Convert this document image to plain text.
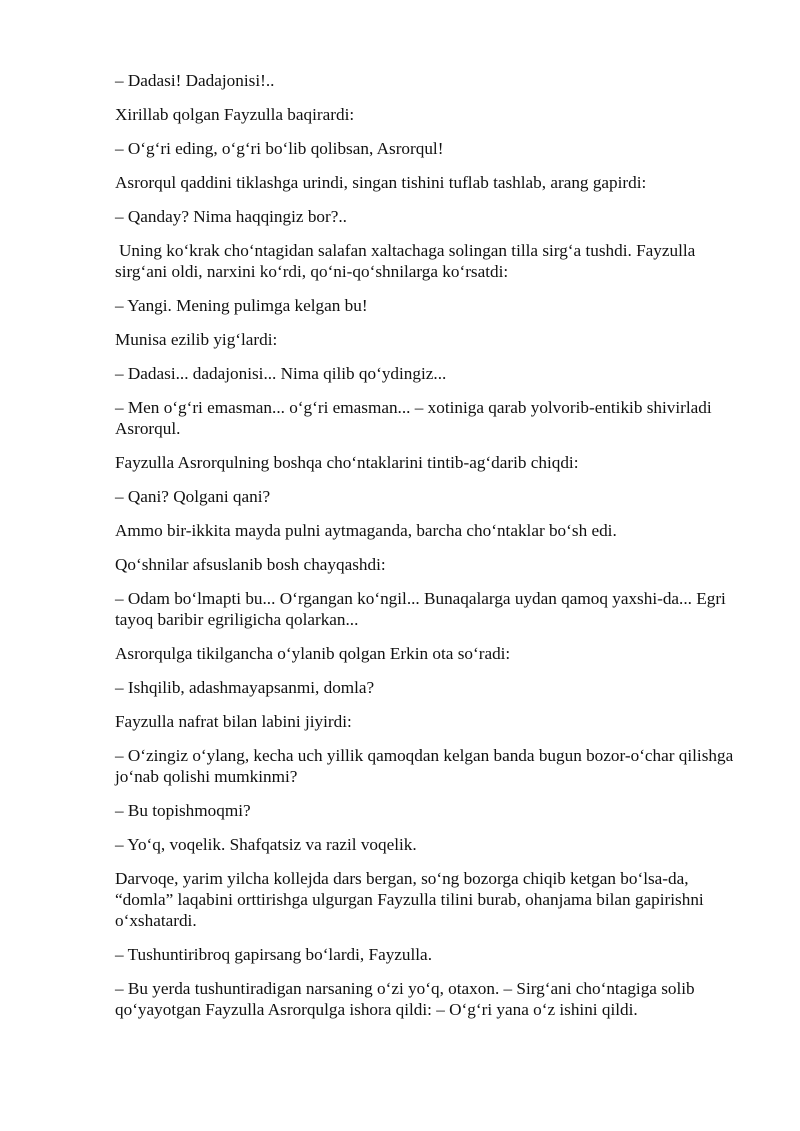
– Dadasi! Dadajonisi!..

Xirillab qolgan Fayzulla baqirardi:

– O‘g‘ri eding, o‘g‘ri bo‘lib qolibsan, Asrorqul!

Asrorqul qaddini tiklashga urindi, singan tishini tuflab tashlab, arang gapirdi:

– Qanday? Nima haqqingiz bor?..

Uning ko‘krak cho‘ntagidan salafan xaltachaga solingan tilla sirg‘a tushdi. Fayzulla sirg‘ani oldi, narxini ko‘rdi, qo‘ni-qo‘shnilarga ko‘rsatdi:

– Yangi. Mening pulimga kelgan bu!

Munisa ezilib yig‘lardi:

– Dadasi... dadajonisi... Nima qilib qo‘ydingiz...

– Men o‘g‘ri emasman... o‘g‘ri emasman... – xotiniga qarab yolvorib-entikib shivirladi Asrorqul.

Fayzulla Asrorqulning boshqa cho‘ntaklarini tintib-ag‘darib chiqdi:

– Qani? Qolgani qani?

Ammo bir-ikkita mayda pulni aytmaganda, barcha cho‘ntaklar bo‘sh edi.

Qo‘shnilar afsuslanib bosh chayqashdi:

– Odam bo‘lmapti bu... O‘rgangan ko‘ngil... Bunaqalarga uydan qamoq yaxshi-da... Egri tayoq baribir egriligicha qolarkan...

Asrorqulga tikilgancha o‘ylanib qolgan Erkin ota so‘radi:

– Ishqilib, adashmayapsanmi, domla?

Fayzulla nafrat bilan labini jiyirdi:

– O‘zingiz o‘ylang, kecha uch yillik qamoqdan kelgan banda bugun bozor-o‘char qilishga jo‘nab qolishi mumkinmi?

– Bu topishmoqmi?

– Yo‘q, voqelik. Shafqatsiz va razil voqelik.

Darvoqe, yarim yilcha kollejda dars bergan, so‘ng bozorga chiqib ketgan bo‘lsa-da, “domla” laqabini orttirishga ulgurgan Fayzulla tilini burab, ohanjama bilan gapirishni o‘xshatardi.

– Tushuntiribroq gapirsang bo‘lardi, Fayzulla.

– Bu yerda tushuntiradigan narsaning o‘zi yo‘q, otaxon. – Sirg‘ani cho‘ntagiga solib qo‘yayotgan Fayzulla Asrorqulga ishora qildi: – O‘g‘ri yana o‘z ishini qildi.
